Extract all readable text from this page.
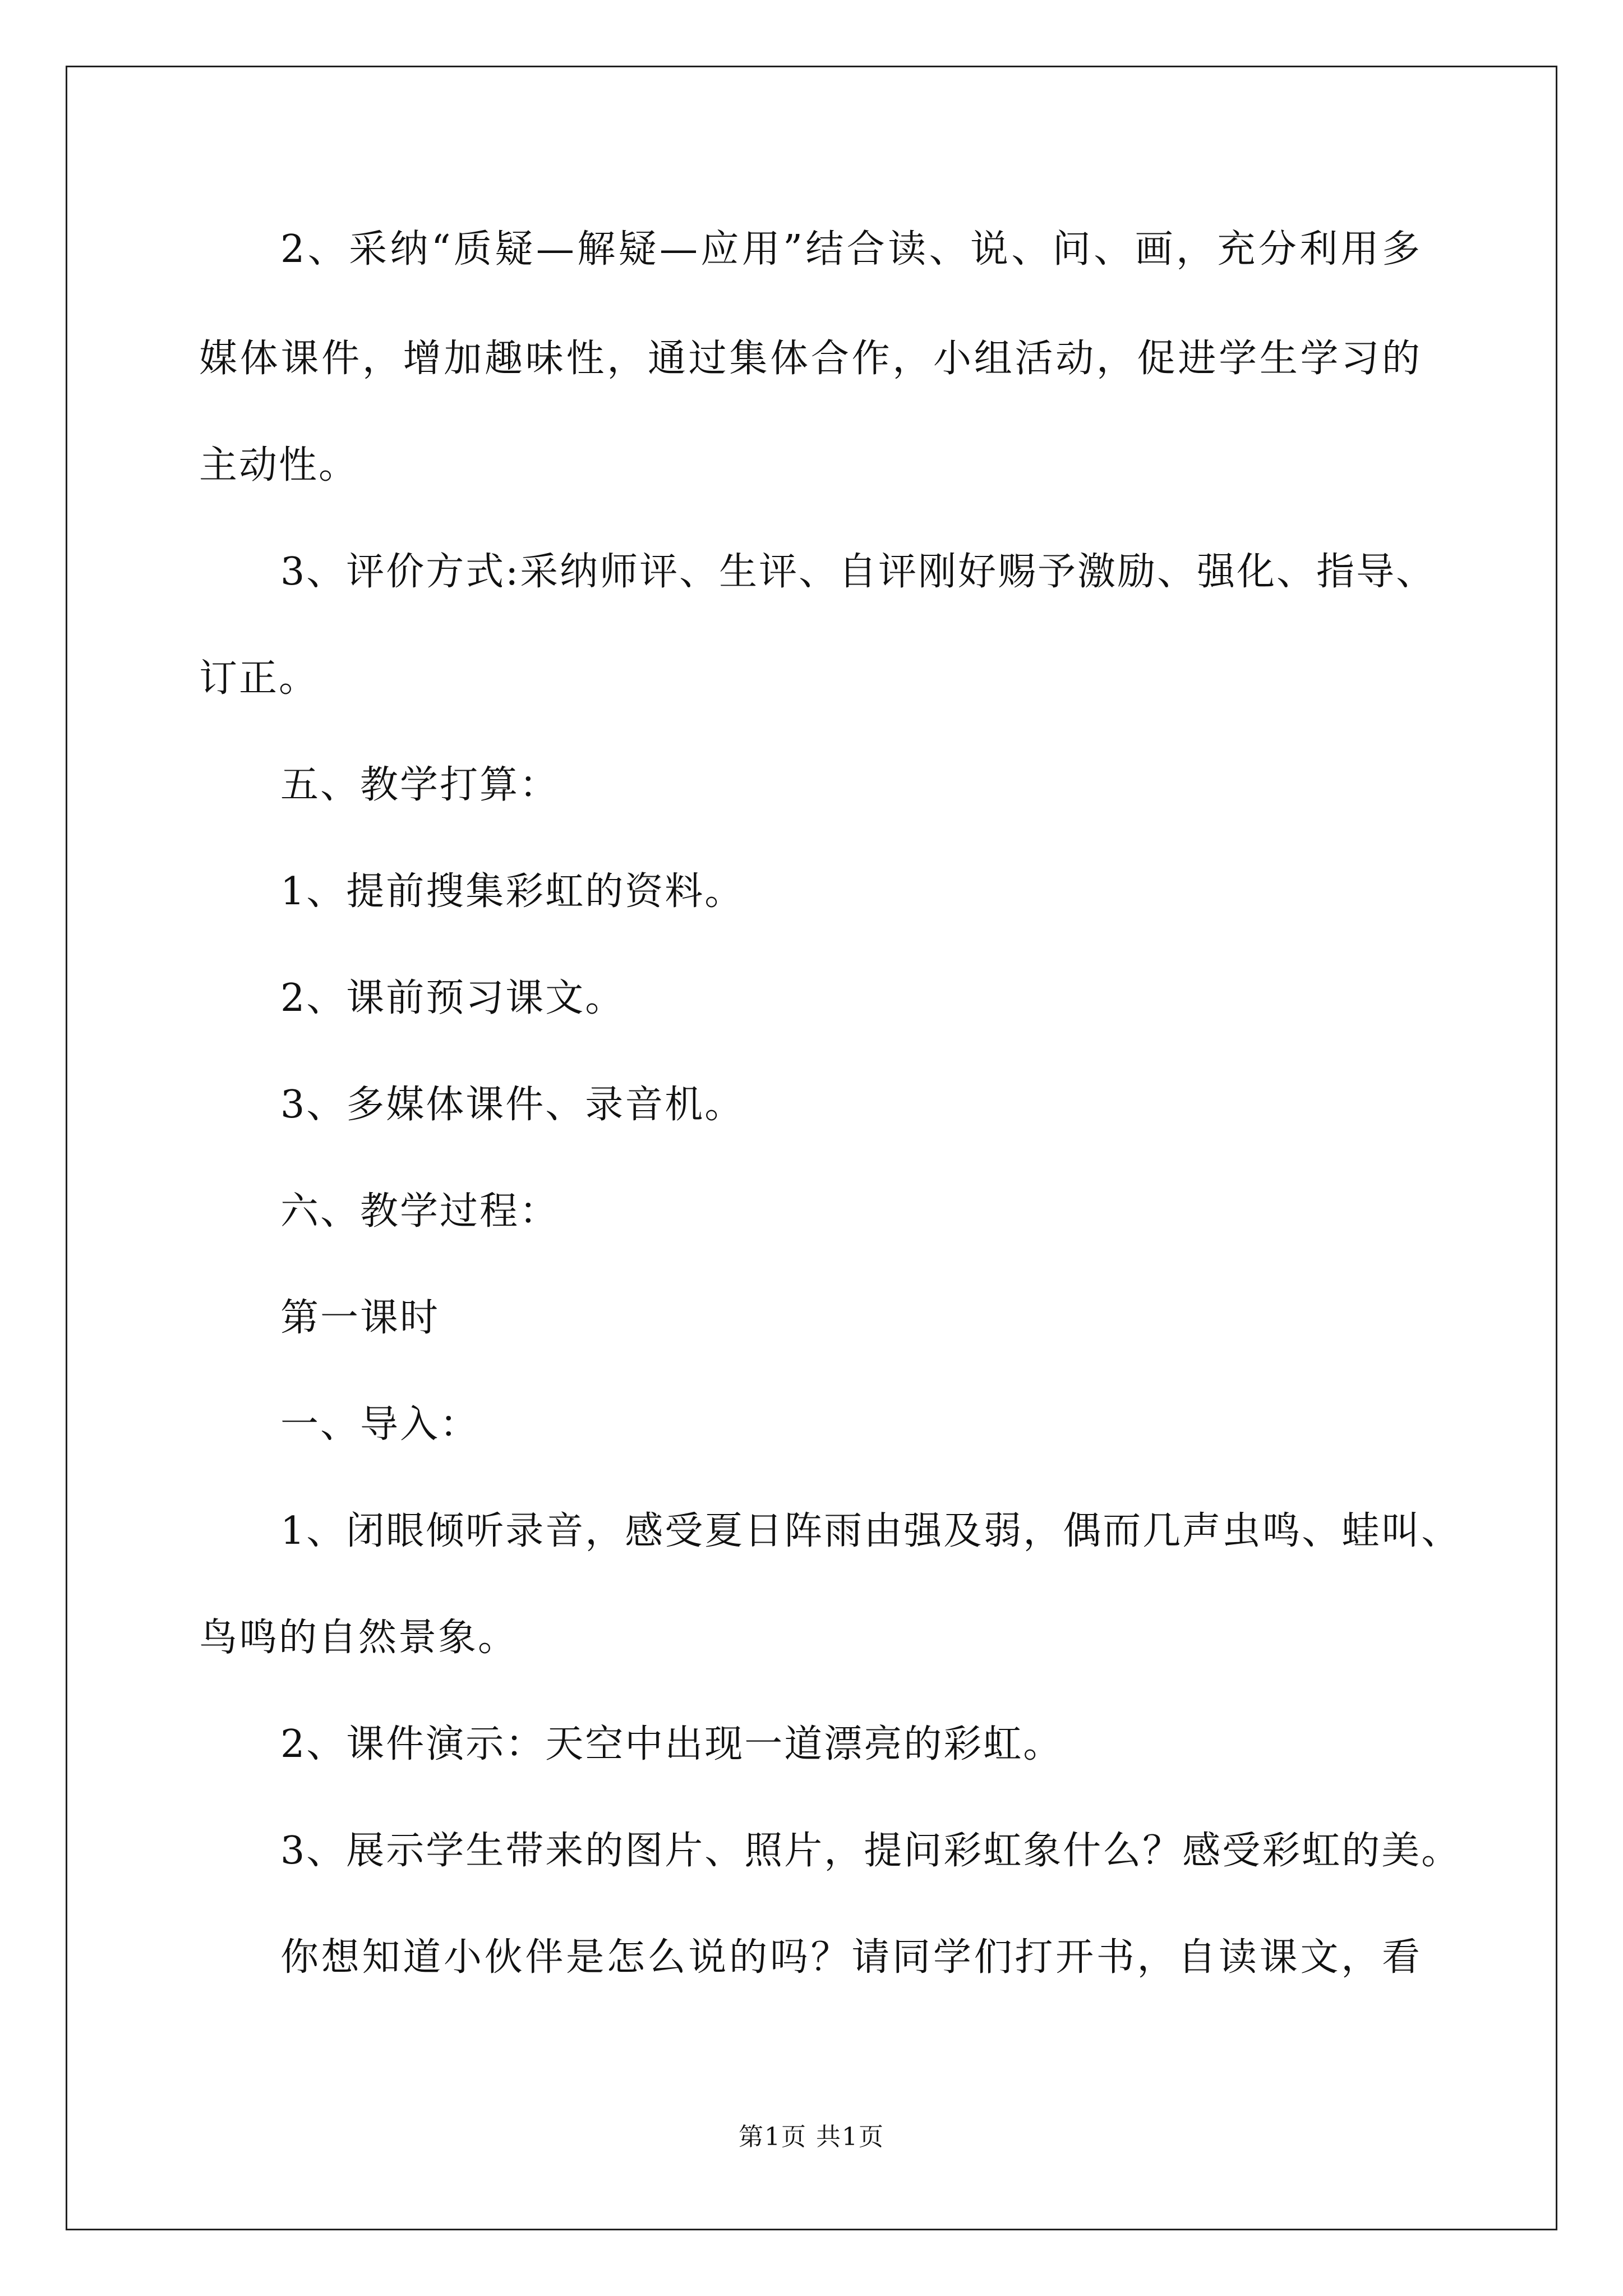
2、采纳“质疑—解疑—应用”结合读、说、问、画，充分利用多
媒体课件，增加趣味性，通过集体合作，小组活动，促进学生学习的
主动性。
3、评价方式:采纳师评、生评、自评刚好赐予激励、强化、指导、
订正。
五、教学打算：
1、提前搜集彩虹的资料。
2、课前预习课文。
3、多媒体课件、录音机。
六、教学过程：
第一课时
一、导入：
1、闭眼倾听录音，感受夏日阵雨由强及弱，偶而几声虫鸣、蛙叫、
鸟鸣的自然景象。
2、课件演示：天空中出现一道漂亮的彩虹。
3、展示学生带来的图片、照片，提问彩虹象什么？感受彩虹的美。
你想知道小伙伴是怎么说的吗？请同学们打开书，自读课文，看
第1页 共1页
